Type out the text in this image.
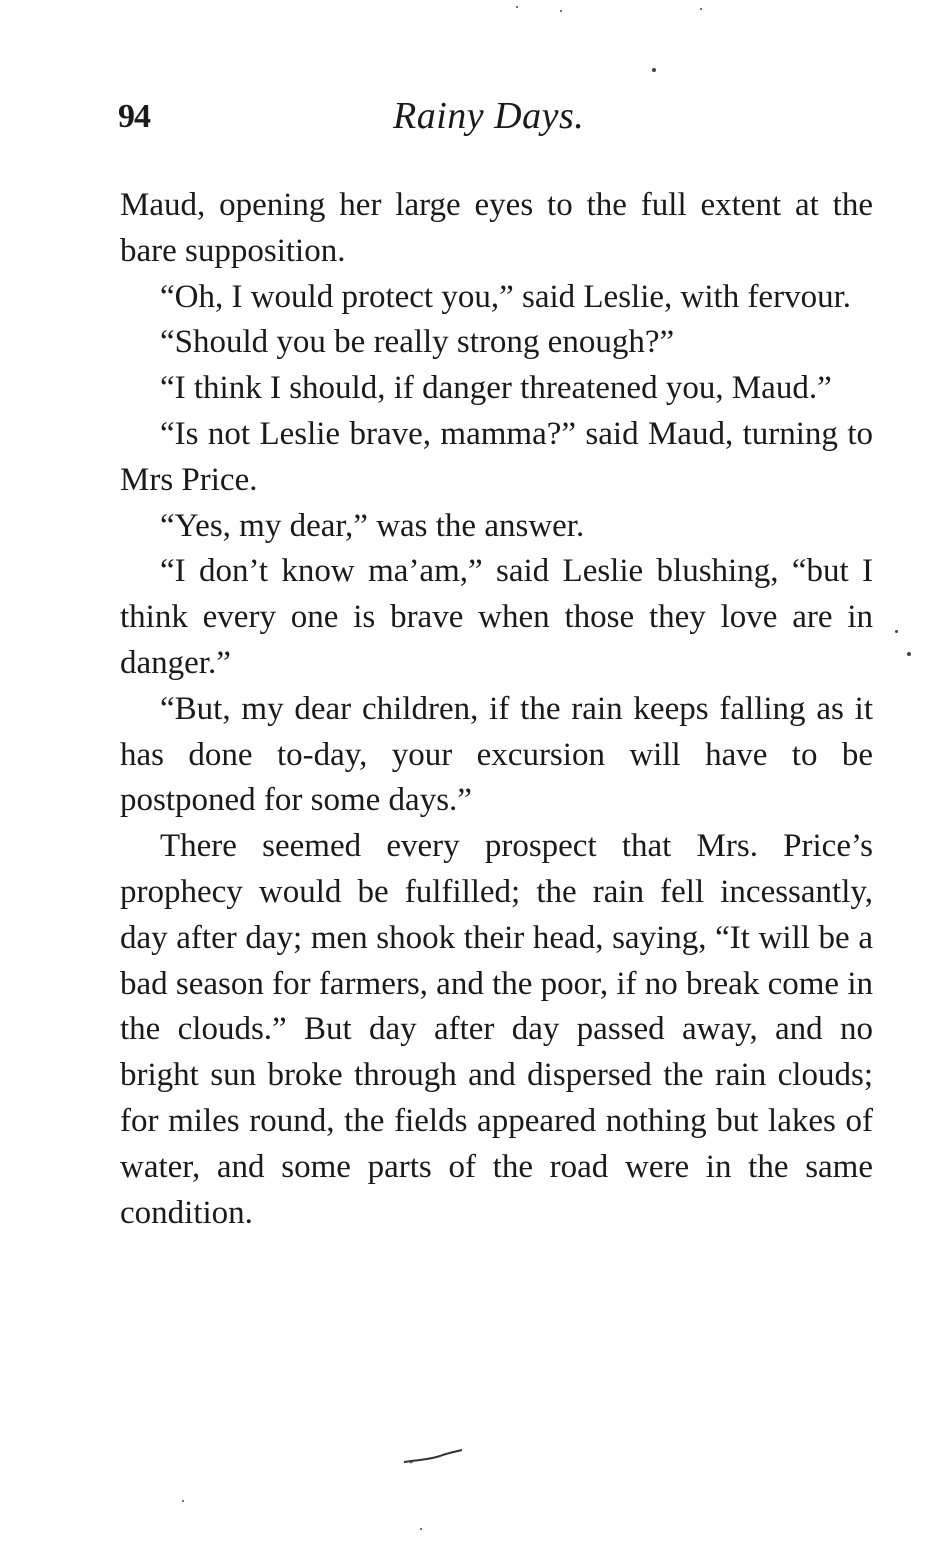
94	Rainy Days.

Maud, opening her large eyes to the full extent at the bare supposition.

“Oh, I would protect you,” said Leslie, with fervour.

“Should you be really strong enough?”

“I think I should, if danger threatened you, Maud.”

“Is not Leslie brave, mamma?” said Maud, turning to Mrs Price.

“Yes, my dear,” was the answer.

“I don’t know ma’am,” said Leslie blushing, “but I think every one is brave when those they love are in danger.”

“But, my dear children, if the rain keeps falling as it has done to-day, your excursion will have to be postponed for some days.”

There seemed every prospect that Mrs. Price’s prophecy would be fulfilled; the rain fell incessantly, day after day; men shook their head, saying, “It will be a bad season for farmers, and the poor, if no break come in the clouds.” But day after day passed away, and no bright sun broke through and dispersed the rain clouds; for miles round, the fields appeared nothing but lakes of water, and some parts of the road were in the same condition.
